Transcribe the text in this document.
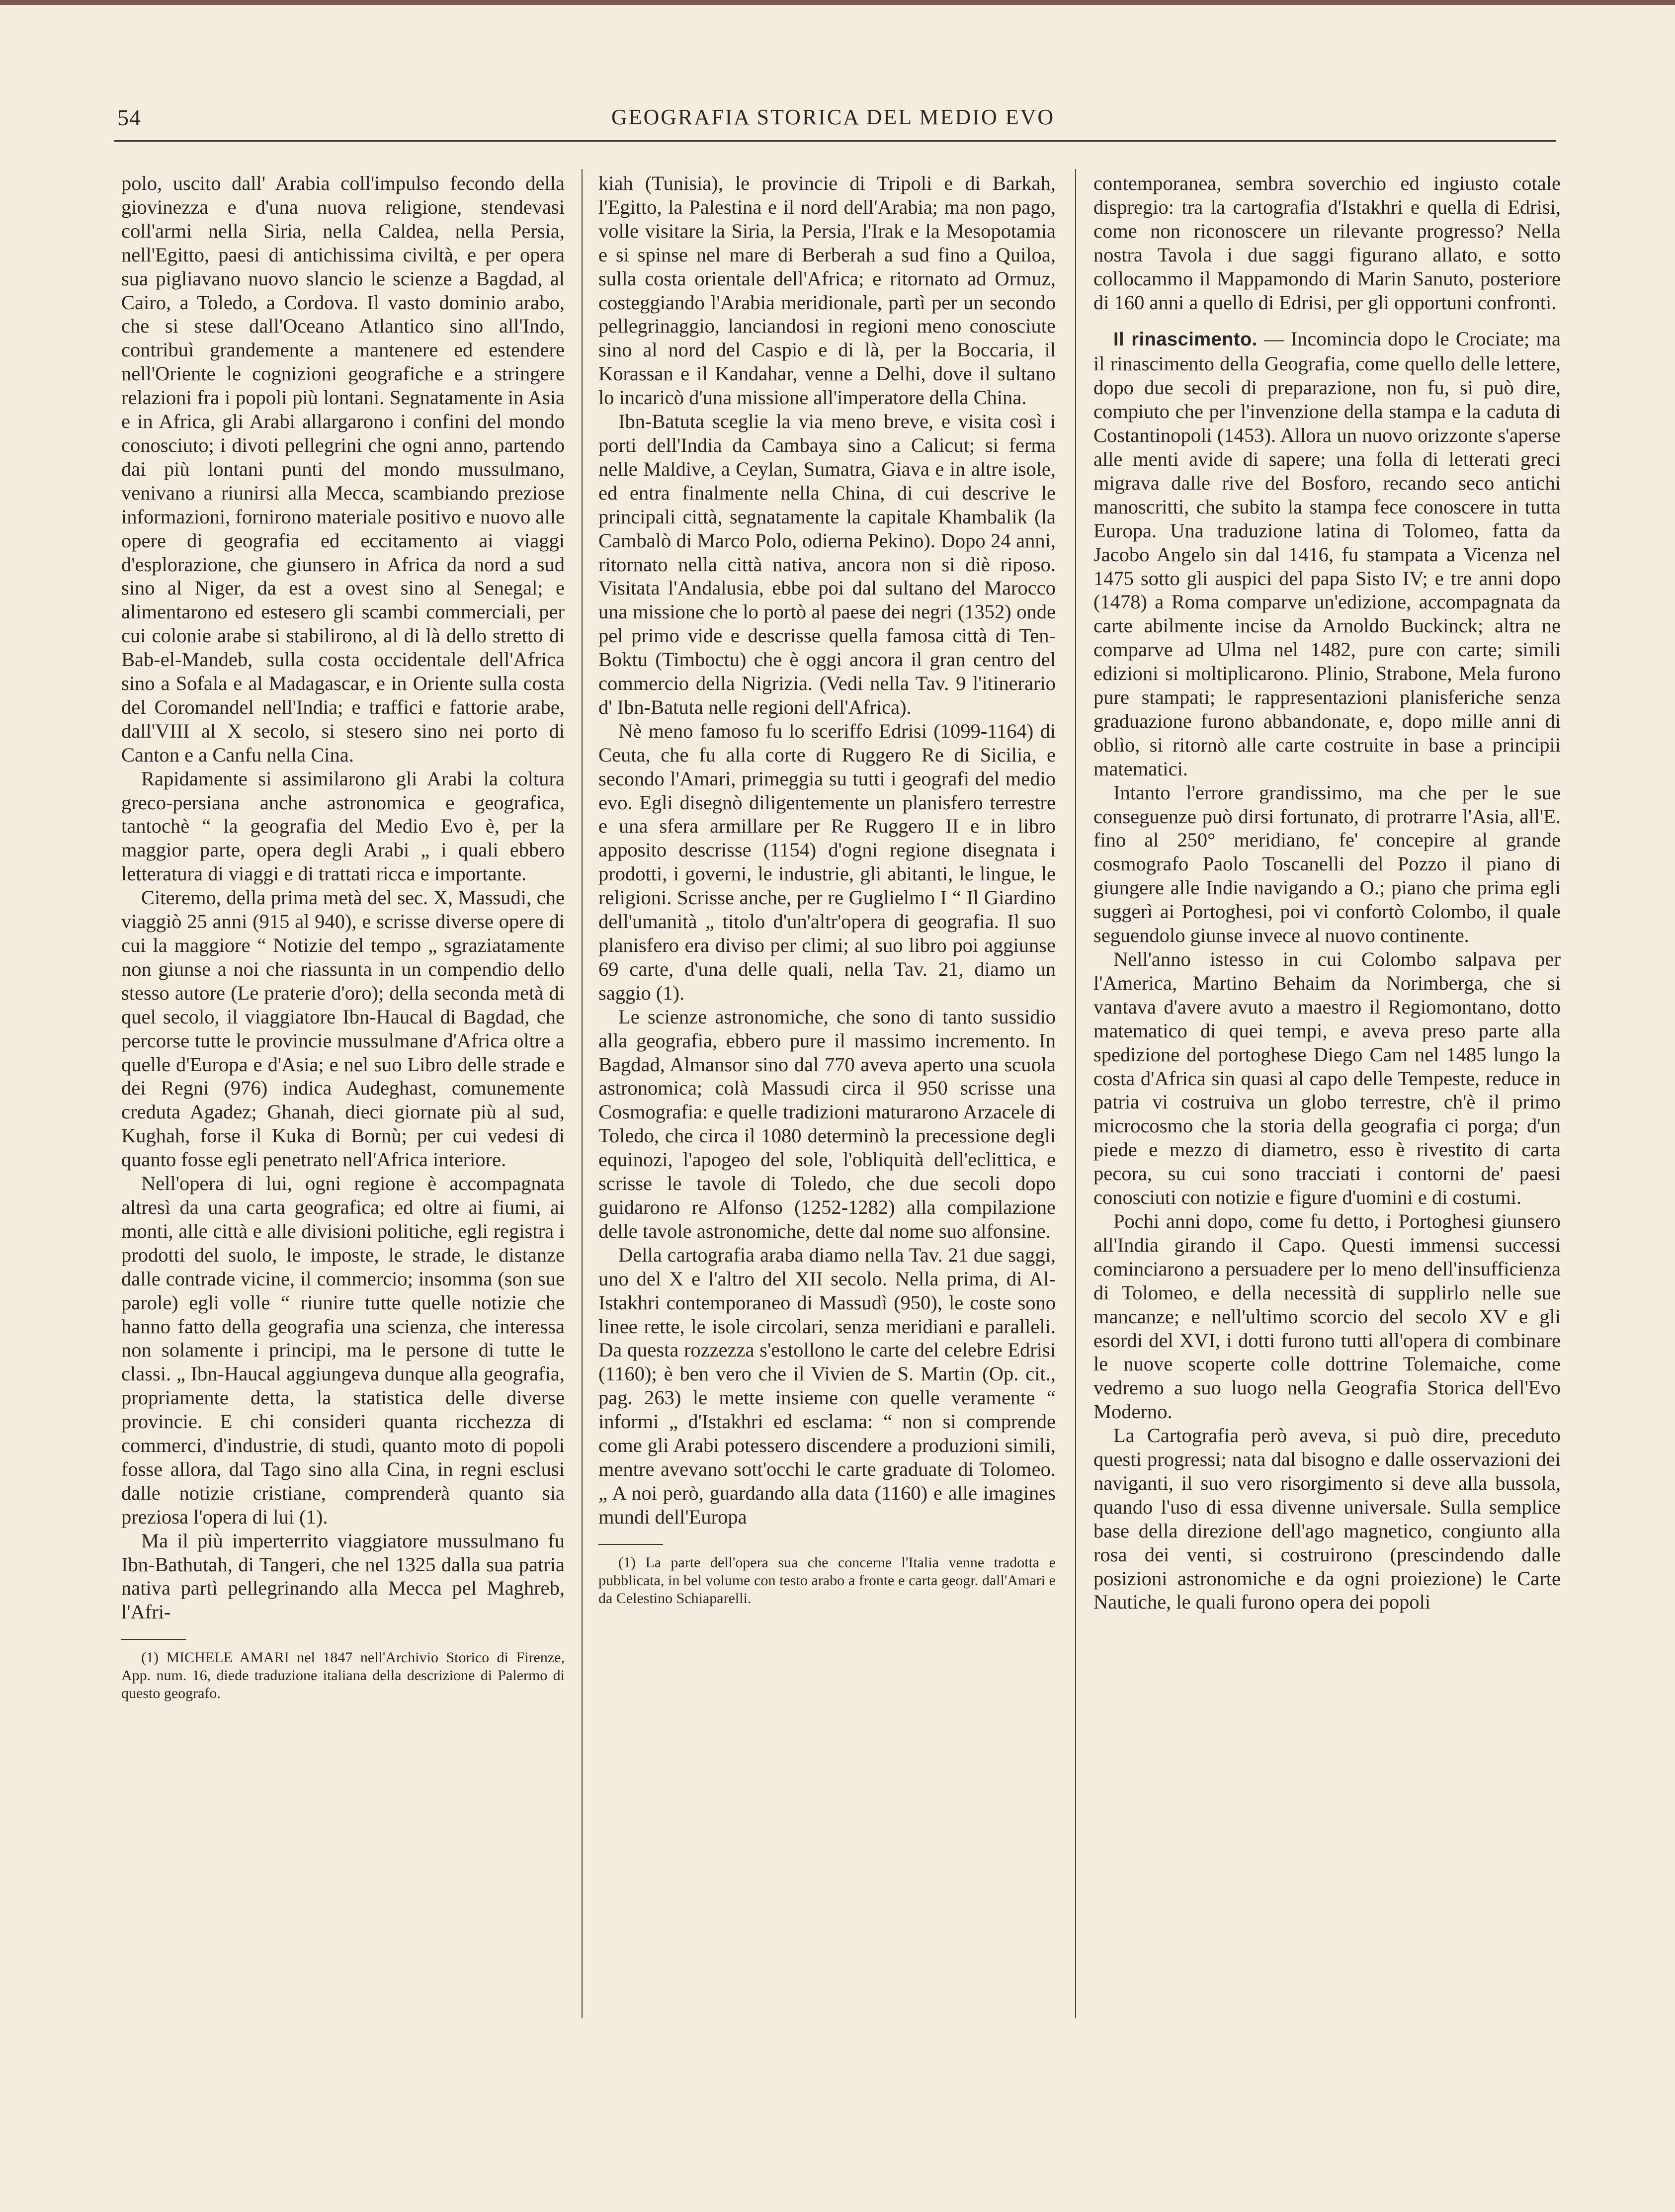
54	GEOGRAFIA STORICA DEL MEDIO EVO

polo, uscito dall' Arabia coll'impulso fecondo della giovinezza e d'una nuova religione, stendevasi coll'armi nella Siria, nella Caldea, nella Persia, nell'Egitto, paesi di antichissima civiltà, e per opera sua pigliavano nuovo slancio le scienze a Bagdad, al Cairo, a Toledo, a Cordova. Il vasto dominio arabo, che si stese dall'Oceano Atlantico sino all'Indo, contribuì grandemente a mantenere ed estendere nell'Oriente le cognizioni geografiche e a stringere relazioni fra i popoli più lontani. Segnatamente in Asia e in Africa, gli Arabi allargarono i confini del mondo conosciuto; i divoti pellegrini che ogni anno, partendo dai più lontani punti del mondo mussulmano, venivano a riunirsi alla Mecca, scambiando preziose informazioni, fornirono materiale positivo e nuovo alle opere di geografia ed eccitamento ai viaggi d'esplorazione, che giunsero in Africa da nord a sud sino al Niger, da est a ovest sino al Senegal; e alimentarono ed estesero gli scambi commerciali, per cui colonie arabe si stabilirono, al di là dello stretto di Bab-el-Mandeb, sulla costa occidentale dell'Africa sino a Sofala e al Madagascar, e in Oriente sulla costa del Coromandel nell'India; e traffici e fattorie arabe, dall'VIII al X secolo, si stesero sino nei porto di Canton e a Canfu nella Cina.

Rapidamente si assimilarono gli Arabi la coltura greco-persiana anche astronomica e geografica, tantochè “ la geografia del Medio Evo è, per la maggior parte, opera degli Arabi „ i quali ebbero letteratura di viaggi e di trattati ricca e importante.

Citeremo, della prima metà del sec. X, Massudi, che viaggiò 25 anni (915 al 940), e scrisse diverse opere di cui la maggiore “ Notizie del tempo „ sgraziatamente non giunse a noi che riassunta in un compendio dello stesso autore (Le praterie d'oro); della seconda metà di quel secolo, il viaggiatore Ibn-Haucal di Bagdad, che percorse tutte le provincie mussulmane d'Africa oltre a quelle d'Europa e d'Asia; e nel suo Libro delle strade e dei Regni (976) indica Audeghast, comunemente creduta Agadez; Ghanah, dieci giornate più al sud, Kughah, forse il Kuka di Bornù; per cui vedesi di quanto fosse egli penetrato nell'Africa interiore.

Nell'opera di lui, ogni regione è accompagnata altresì da una carta geografica; ed oltre ai fiumi, ai monti, alle città e alle divisioni politiche, egli registra i prodotti del suolo, le imposte, le strade, le distanze dalle contrade vicine, il commercio; insomma (son sue parole) egli volle “ riunire tutte quelle notizie che hanno fatto della geografia una scienza, che interessa non solamente i principi, ma le persone di tutte le classi. „ Ibn-Haucal aggiungeva dunque alla geografia, propriamente detta, la statistica delle diverse provincie. E chi consideri quanta ricchezza di commerci, d'industrie, di studi, quanto moto di popoli fosse allora, dal Tago sino alla Cina, in regni esclusi dalle notizie cristiane, comprenderà quanto sia preziosa l'opera di lui (1).

Ma il più imperterrito viaggiatore mussulmano fu Ibn-Bathutah, di Tangeri, che nel 1325 dalla sua patria nativa partì pellegrinando alla Mecca pel Maghreb, l'Afri-

(1) MICHELE AMARI nel 1847 nell'Archivio Storico di Firenze, App. num. 16, diede traduzione italiana della descrizione di Palermo di questo geografo.

kiah (Tunisia), le provincie di Tripoli e di Barkah, l'Egitto, la Palestina e il nord dell'Arabia; ma non pago, volle visitare la Siria, la Persia, l'Irak e la Mesopotamia e si spinse nel mare di Berberah a sud fino a Quiloa, sulla costa orientale dell'Africa; e ritornato ad Ormuz, costeggiando l'Arabia meridionale, partì per un secondo pellegrinaggio, lanciandosi in regioni meno conosciute sino al nord del Caspio e di là, per la Boccaria, il Korassan e il Kandahar, venne a Delhi, dove il sultano lo incaricò d'una missione all'imperatore della China.

Ibn-Batuta sceglie la via meno breve, e visita così i porti dell'India da Cambaya sino a Calicut; si ferma nelle Maldive, a Ceylan, Sumatra, Giava e in altre isole, ed entra finalmente nella China, di cui descrive le principali città, segnatamente la capitale Khambalik (la Cambalò di Marco Polo, odierna Pekino). Dopo 24 anni, ritornato nella città nativa, ancora non si diè riposo. Visitata l'Andalusia, ebbe poi dal sultano del Marocco una missione che lo portò al paese dei negri (1352) onde pel primo vide e descrisse quella famosa città di Ten-Boktu (Timboctu) che è oggi ancora il gran centro del commercio della Nigrizia. (Vedi nella Tav. 9 l'itinerario d' Ibn-Batuta nelle regioni dell'Africa).

Nè meno famoso fu lo sceriffo Edrisi (1099-1164) di Ceuta, che fu alla corte di Ruggero Re di Sicilia, e secondo l'Amari, primeggia su tutti i geografi del medio evo. Egli disegnò diligentemente un planisfero terrestre e una sfera armillare per Re Ruggero II e in libro apposito descrisse (1154) d'ogni regione disegnata i prodotti, i governi, le industrie, gli abitanti, le lingue, le religioni. Scrisse anche, per re Guglielmo I “ Il Giardino dell'umanità „ titolo d'un'altr'opera di geografia. Il suo planisfero era diviso per climi; al suo libro poi aggiunse 69 carte, d'una delle quali, nella Tav. 21, diamo un saggio (1).

Le scienze astronomiche, che sono di tanto sussidio alla geografia, ebbero pure il massimo incremento. In Bagdad, Almansor sino dal 770 aveva aperto una scuola astronomica; colà Massudi circa il 950 scrisse una Cosmografia: e quelle tradizioni maturarono Arzacele di Toledo, che circa il 1080 determinò la precessione degli equinozi, l'apogeo del sole, l'obliquità dell'eclittica, e scrisse le tavole di Toledo, che due secoli dopo guidarono re Alfonso (1252-1282) alla compilazione delle tavole astronomiche, dette dal nome suo alfonsine.

Della cartografia araba diamo nella Tav. 21 due saggi, uno del X e l'altro del XII secolo. Nella prima, di Al-Istakhri contemporaneo di Massudì (950), le coste sono linee rette, le isole circolari, senza meridiani e paralleli. Da questa rozzezza s'estollono le carte del celebre Edrisi (1160); è ben vero che il Vivien de S. Martin (Op. cit., pag. 263) le mette insieme con quelle veramente “ informi „ d'Istakhri ed esclama: “ non si comprende come gli Arabi potessero discendere a produzioni simili, mentre avevano sott'occhi le carte graduate di Tolomeo. „ A noi però, guardando alla data (1160) e alle imagines mundi dell'Europa

(1) La parte dell'opera sua che concerne l'Italia venne tradotta e pubblicata, in bel volume con testo arabo a fronte e carta geogr. dall'Amari e da Celestino Schiaparelli.

contemporanea, sembra soverchio ed ingiusto cotale dispregio: tra la cartografia d'Istakhri e quella di Edrisi, come non riconoscere un rilevante progresso? Nella nostra Tavola i due saggi figurano allato, e sotto collocammo il Mappamondo di Marin Sanuto, posteriore di 160 anni a quello di Edrisi, per gli opportuni confronti.

Il rinascimento. — Incomincia dopo le Crociate; ma il rinascimento della Geografia, come quello delle lettere, dopo due secoli di preparazione, non fu, si può dire, compiuto che per l'invenzione della stampa e la caduta di Costantinopoli (1453). Allora un nuovo orizzonte s'aperse alle menti avide di sapere; una folla di letterati greci migrava dalle rive del Bosforo, recando seco antichi manoscritti, che subito la stampa fece conoscere in tutta Europa. Una traduzione latina di Tolomeo, fatta da Jacobo Angelo sin dal 1416, fu stampata a Vicenza nel 1475 sotto gli auspici del papa Sisto IV; e tre anni dopo (1478) a Roma comparve un'edizione, accompagnata da carte abilmente incise da Arnoldo Buckinck; altra ne comparve ad Ulma nel 1482, pure con carte; simili edizioni si moltiplicarono. Plinio, Strabone, Mela furono pure stampati; le rappresentazioni planisferiche senza graduazione furono abbandonate, e, dopo mille anni di oblìo, si ritornò alle carte costruite in base a principii matematici.

Intanto l'errore grandissimo, ma che per le sue conseguenze può dirsi fortunato, di protrarre l'Asia, all'E. fino al 250° meridiano, fe' concepire al grande cosmografo Paolo Toscanelli del Pozzo il piano di giungere alle Indie navigando a O.; piano che prima egli suggerì ai Portoghesi, poi vi confortò Colombo, il quale seguendolo giunse invece al nuovo continente.

Nell'anno istesso in cui Colombo salpava per l'America, Martino Behaim da Norimberga, che si vantava d'avere avuto a maestro il Regiomontano, dotto matematico di quei tempi, e aveva preso parte alla spedizione del portoghese Diego Cam nel 1485 lungo la costa d'Africa sin quasi al capo delle Tempeste, reduce in patria vi costruiva un globo terrestre, ch'è il primo microcosmo che la storia della geografia ci porga; d'un piede e mezzo di diametro, esso è rivestito di carta pecora, su cui sono tracciati i contorni de' paesi conosciuti con notizie e figure d'uomini e di costumi.

Pochi anni dopo, come fu detto, i Portoghesi giunsero all'India girando il Capo. Questi immensi successi cominciarono a persuadere per lo meno dell'insufficienza di Tolomeo, e della necessità di supplirlo nelle sue mancanze; e nell'ultimo scorcio del secolo XV e gli esordi del XVI, i dotti furono tutti all'opera di combinare le nuove scoperte colle dottrine Tolemaiche, come vedremo a suo luogo nella Geografia Storica dell'Evo Moderno.

La Cartografia però aveva, si può dire, preceduto questi progressi; nata dal bisogno e dalle osservazioni dei naviganti, il suo vero risorgimento si deve alla bussola, quando l'uso di essa divenne universale. Sulla semplice base della direzione dell'ago magnetico, congiunto alla rosa dei venti, si costruirono (prescindendo dalle posizioni astronomiche e da ogni proiezione) le Carte Nautiche, le quali furono opera dei popoli
